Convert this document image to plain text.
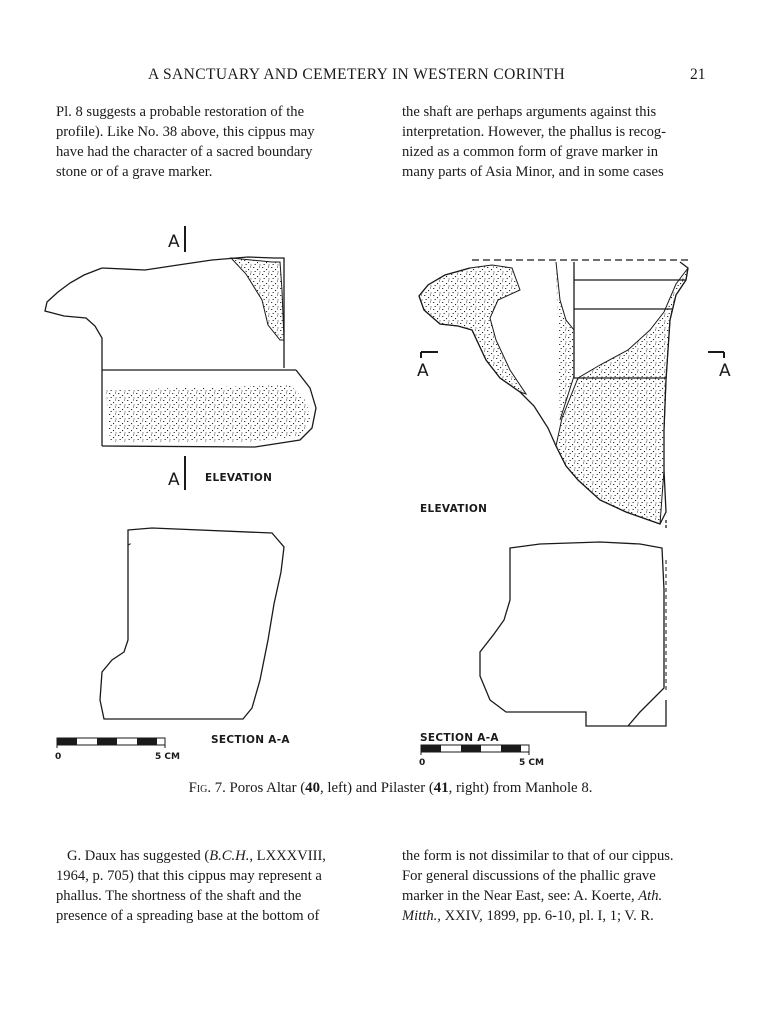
A SANCTUARY AND CEMETERY IN WESTERN CORINTH	21

Pl. 8 suggests a probable restoration of the

profile). Like No. 38 above, this cippus may

have had the character of a sacred boundary

stone or of a grave marker.

the shaft are perhaps arguments against this

interpretation. However, the phallus is recog-

nized as a common form of grave marker in

many parts of Asia Minor, and in some cases

A
A ELEVATION
SECTION A-A
0	5 CM
A	A
ELEVATION
SECTION A-A
0	5 CM
Fig. 7. Poros Altar (40, left) and Pilaster (41, right) from Manhole 8.

G. Daux has suggested (B.C.H., LXXXVIII,

1964, p. 705) that this cippus may represent a

phallus. The shortness of the shaft and the

presence of a spreading base at the bottom of

the form is not dissimilar to that of our cippus.

For general discussions of the phallic grave

marker in the Near East, see: A. Koerte, Ath.

Mitth., XXIV, 1899, pp. 6-10, pl. I, 1; V. R.
